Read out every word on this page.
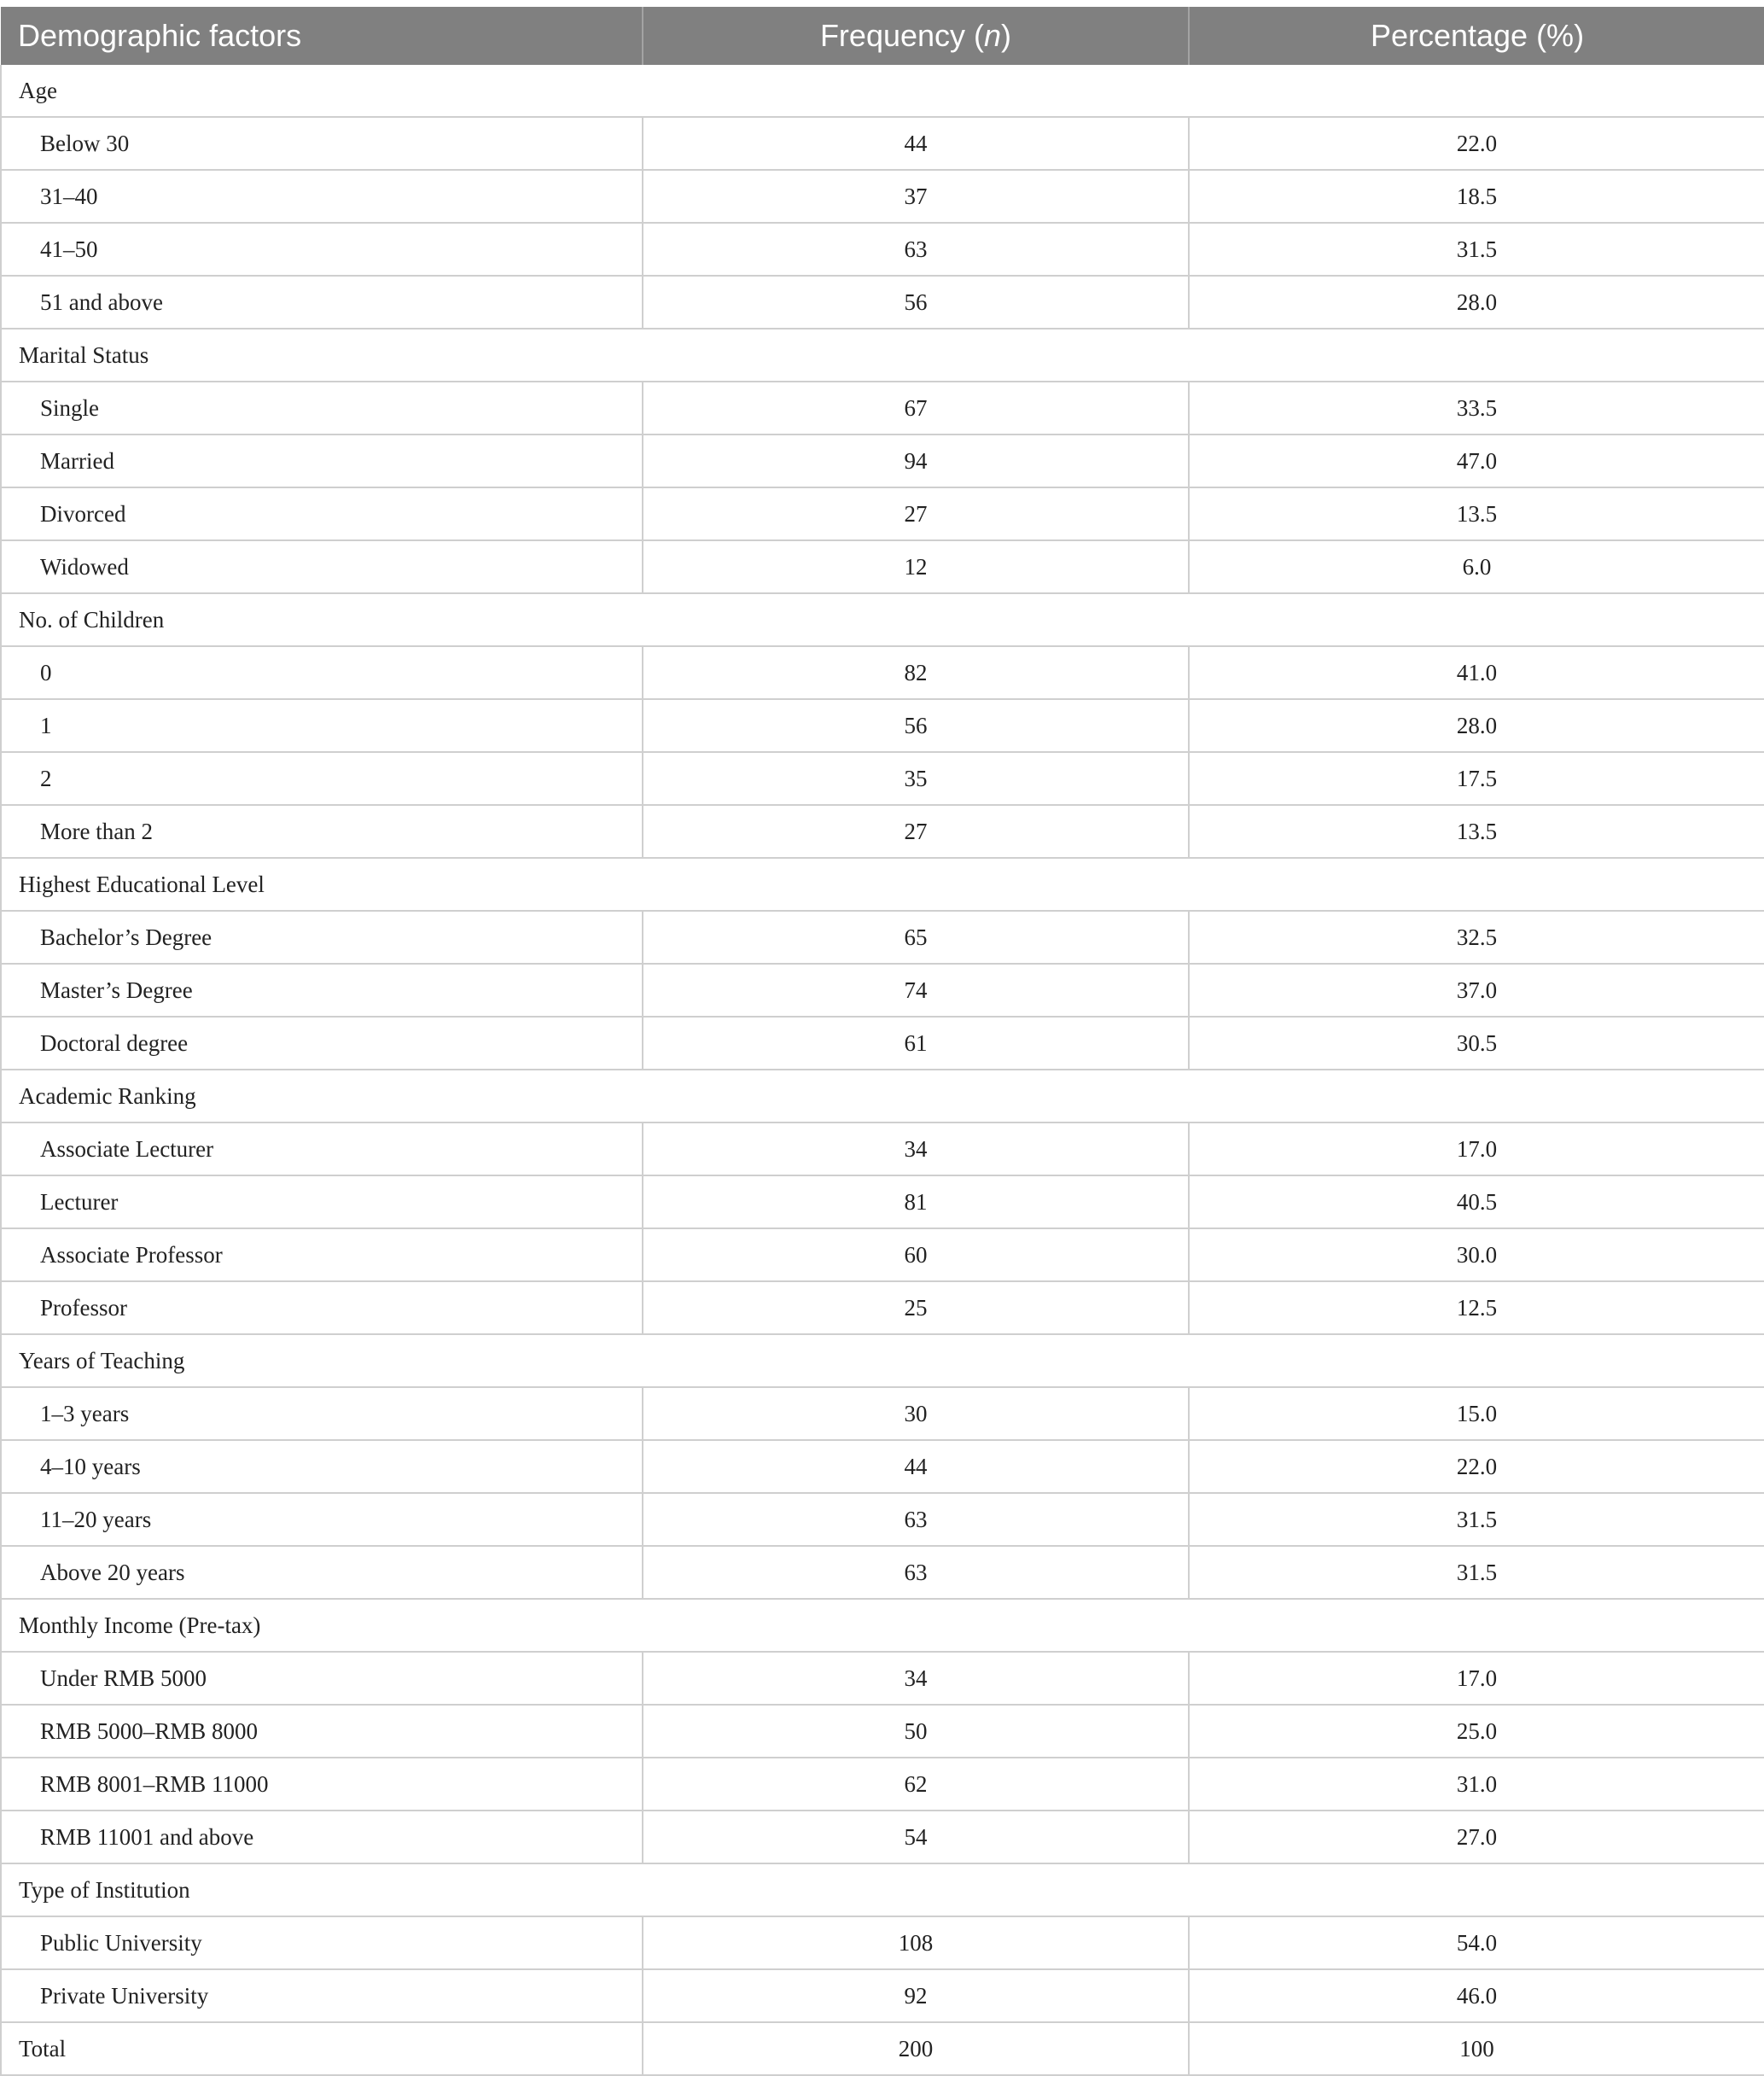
Demographic factors	Frequency (n)	Percentage (%)
Age		
Below 30	44	22.0
31–40	37	18.5
41–50	63	31.5
51 and above	56	28.0
Marital Status		
Single	67	33.5
Married	94	47.0
Divorced	27	13.5
Widowed	12	6.0
No. of Children		
0	82	41.0
1	56	28.0
2	35	17.5
More than 2	27	13.5
Highest Educational Level		
Bachelor’s Degree	65	32.5
Master’s Degree	74	37.0
Doctoral degree	61	30.5
Academic Ranking		
Associate Lecturer	34	17.0
Lecturer	81	40.5
Associate Professor	60	30.0
Professor	25	12.5
Years of Teaching		
1–3 years	30	15.0
4–10 years	44	22.0
11–20 years	63	31.5
Above 20 years	63	31.5
Monthly Income (Pre-tax)		
Under RMB 5000	34	17.0
RMB 5000–RMB 8000	50	25.0
RMB 8001–RMB 11000	62	31.0
RMB 11001 and above	54	27.0
Type of Institution		
Public University	108	54.0
Private University	92	46.0
Total	200	100
